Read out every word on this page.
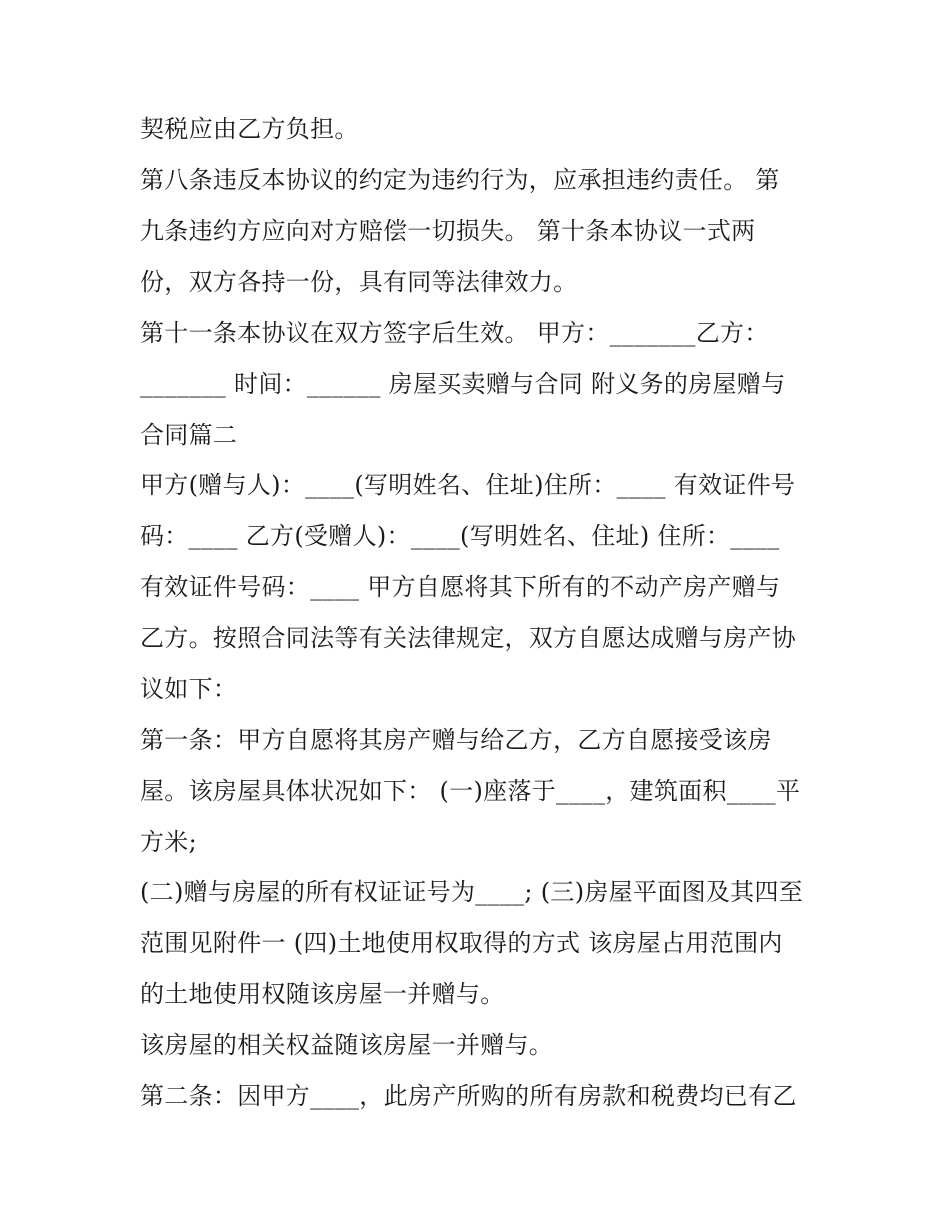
契税应由乙方负担。
第八条违反本协议的约定为违约行为，应承担违约责任。 第
九条违约方应向对方赔偿一切损失。 第十条本协议一式两
份，双方各持一份，具有同等法律效力。
第十一条本协议在双方签字后生效。 甲方：_______乙方：
_______ 时间：______ 房屋买卖赠与合同 附义务的房屋赠与
合同篇二
甲方(赠与人)：____(写明姓名、住址)住所：____ 有效证件号
码：____ 乙方(受赠人)：____(写明姓名、住址) 住所：____
有效证件号码：____ 甲方自愿将其下所有的不动产房产赠与
乙方。按照合同法等有关法律规定，双方自愿达成赠与房产协
议如下：
第一条：甲方自愿将其房产赠与给乙方，乙方自愿接受该房
屋。该房屋具体状况如下： (一)座落于____，建筑面积____平
方米;
(二)赠与房屋的所有权证证号为____; (三)房屋平面图及其四至
范围见附件一 (四)土地使用权取得的方式 该房屋占用范围内
的土地使用权随该房屋一并赠与。
该房屋的相关权益随该房屋一并赠与。
第二条：因甲方____，此房产所购的所有房款和税费均已有乙
